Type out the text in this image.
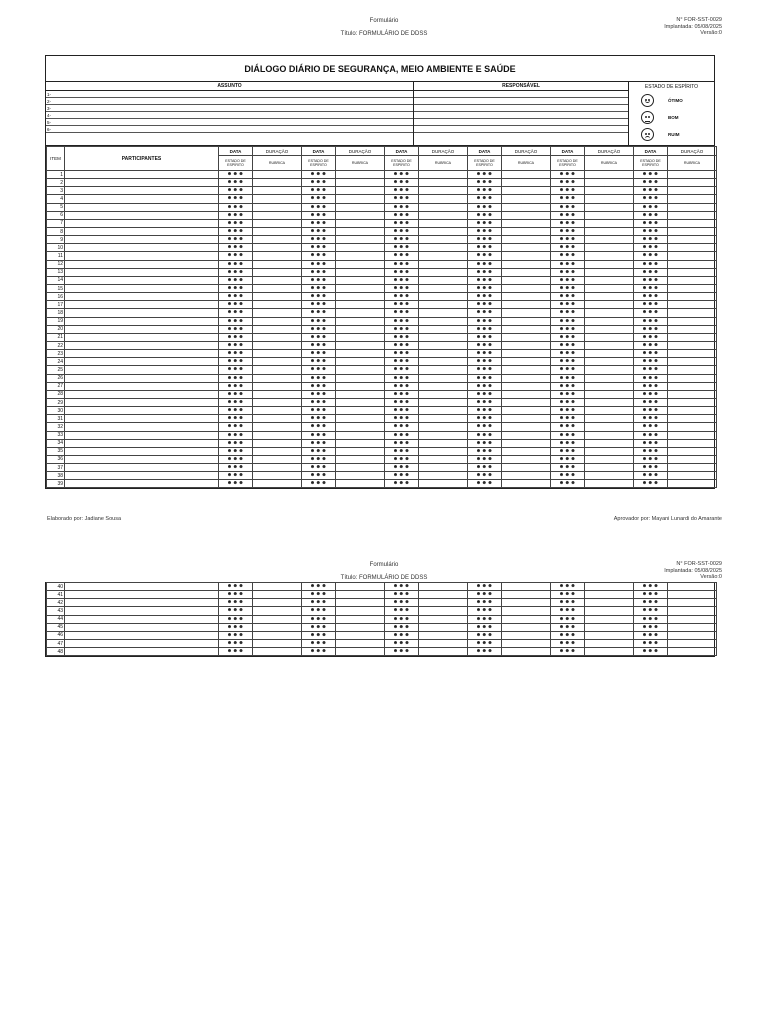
Formulário
Título: FORMULÁRIO DE DDSS
N° FOR-SST-0029
Implantada: 05/08/2025
Versão:0
DIÁLOGO DIÁRIO DE SEGURANÇA, MEIO AMBIENTE E SAÚDE
ASSUNTO
1-
2-
3-
4-
5-
6-
RESPONSÁVEL	ESTADO DE ESPÍRITO
ÓTIMO
BOM
RUIM
ITEM	PARTICIPANTES	DATA	DURAÇÃO	DATA	DURAÇÃO	DATA	DURAÇÃO	DATA	DURAÇÃO	DATA	DURAÇÃO	DATA	DURAÇÃO
		ESTADO DE ESPÍRITO	RUBRICA	ESTADO DE ESPÍRITO	RUBRICA	ESTADO DE ESPÍRITO	RUBRICA	ESTADO DE ESPÍRITO	RUBRICA	ESTADO DE ESPÍRITO	RUBRICA	ESTADO DE ESPÍRITO	RUBRICA
1		☻☻☻		☻☻☻		☻☻☻		☻☻☻		☻☻☻		☻☻☻	
2		☻☻☻		☻☻☻		☻☻☻		☻☻☻		☻☻☻		☻☻☻	
3		☻☻☻		☻☻☻		☻☻☻		☻☻☻		☻☻☻		☻☻☻	
4		☻☻☻		☻☻☻		☻☻☻		☻☻☻		☻☻☻		☻☻☻	
5		☻☻☻		☻☻☻		☻☻☻		☻☻☻		☻☻☻		☻☻☻	
6		☻☻☻		☻☻☻		☻☻☻		☻☻☻		☻☻☻		☻☻☻	
7		☻☻☻		☻☻☻		☻☻☻		☻☻☻		☻☻☻		☻☻☻	
8		☻☻☻		☻☻☻		☻☻☻		☻☻☻		☻☻☻		☻☻☻	
9		☻☻☻		☻☻☻		☻☻☻		☻☻☻		☻☻☻		☻☻☻	
10		☻☻☻		☻☻☻		☻☻☻		☻☻☻		☻☻☻		☻☻☻	
11		☻☻☻		☻☻☻		☻☻☻		☻☻☻		☻☻☻		☻☻☻	
12		☻☻☻		☻☻☻		☻☻☻		☻☻☻		☻☻☻		☻☻☻	
13		☻☻☻		☻☻☻		☻☻☻		☻☻☻		☻☻☻		☻☻☻	
14		☻☻☻		☻☻☻		☻☻☻		☻☻☻		☻☻☻		☻☻☻	
15		☻☻☻		☻☻☻		☻☻☻		☻☻☻		☻☻☻		☻☻☻	
16		☻☻☻		☻☻☻		☻☻☻		☻☻☻		☻☻☻		☻☻☻	
17		☻☻☻		☻☻☻		☻☻☻		☻☻☻		☻☻☻		☻☻☻	
18		☻☻☻		☻☻☻		☻☻☻		☻☻☻		☻☻☻		☻☻☻	
19		☻☻☻		☻☻☻		☻☻☻		☻☻☻		☻☻☻		☻☻☻	
20		☻☻☻		☻☻☻		☻☻☻		☻☻☻		☻☻☻		☻☻☻	
21		☻☻☻		☻☻☻		☻☻☻		☻☻☻		☻☻☻		☻☻☻	
22		☻☻☻		☻☻☻		☻☻☻		☻☻☻		☻☻☻		☻☻☻	
23		☻☻☻		☻☻☻		☻☻☻		☻☻☻		☻☻☻		☻☻☻	
24		☻☻☻		☻☻☻		☻☻☻		☻☻☻		☻☻☻		☻☻☻	
25		☻☻☻		☻☻☻		☻☻☻		☻☻☻		☻☻☻		☻☻☻	
26		☻☻☻		☻☻☻		☻☻☻		☻☻☻		☻☻☻		☻☻☻	
27		☻☻☻		☻☻☻		☻☻☻		☻☻☻		☻☻☻		☻☻☻	
28		☻☻☻		☻☻☻		☻☻☻		☻☻☻		☻☻☻		☻☻☻	
29		☻☻☻		☻☻☻		☻☻☻		☻☻☻		☻☻☻		☻☻☻	
30		☻☻☻		☻☻☻		☻☻☻		☻☻☻		☻☻☻		☻☻☻	
31		☻☻☻		☻☻☻		☻☻☻		☻☻☻		☻☻☻		☻☻☻	
32		☻☻☻		☻☻☻		☻☻☻		☻☻☻		☻☻☻		☻☻☻	
33		☻☻☻		☻☻☻		☻☻☻		☻☻☻		☻☻☻		☻☻☻	
34		☻☻☻		☻☻☻		☻☻☻		☻☻☻		☻☻☻		☻☻☻	
35		☻☻☻		☻☻☻		☻☻☻		☻☻☻		☻☻☻		☻☻☻	
36		☻☻☻		☻☻☻		☻☻☻		☻☻☻		☻☻☻		☻☻☻	
37		☻☻☻		☻☻☻		☻☻☻		☻☻☻		☻☻☻		☻☻☻	
38		☻☻☻		☻☻☻		☻☻☻		☻☻☻		☻☻☻		☻☻☻	
39		☻☻☻		☻☻☻		☻☻☻		☻☻☻		☻☻☻		☻☻☻	
Elaborado por: Jadiane Sousa	Aprovador por: Mayani Lunardi do Amarante
Formulário
Título: FORMULÁRIO DE DDSS
N° FOR-SST-0029
Implantada: 05/08/2025
Versão:0
40		☻☻☻		☻☻☻		☻☻☻		☻☻☻		☻☻☻		☻☻☻	
41		☻☻☻		☻☻☻		☻☻☻		☻☻☻		☻☻☻		☻☻☻	
42		☻☻☻		☻☻☻		☻☻☻		☻☻☻		☻☻☻		☻☻☻	
43		☻☻☻		☻☻☻		☻☻☻		☻☻☻		☻☻☻		☻☻☻	
44		☻☻☻		☻☻☻		☻☻☻		☻☻☻		☻☻☻		☻☻☻	
45		☻☻☻		☻☻☻		☻☻☻		☻☻☻		☻☻☻		☻☻☻	
46		☻☻☻		☻☻☻		☻☻☻		☻☻☻		☻☻☻		☻☻☻	
47		☻☻☻		☻☻☻		☻☻☻		☻☻☻		☻☻☻		☻☻☻	
48		☻☻☻		☻☻☻		☻☻☻		☻☻☻		☻☻☻		☻☻☻	
